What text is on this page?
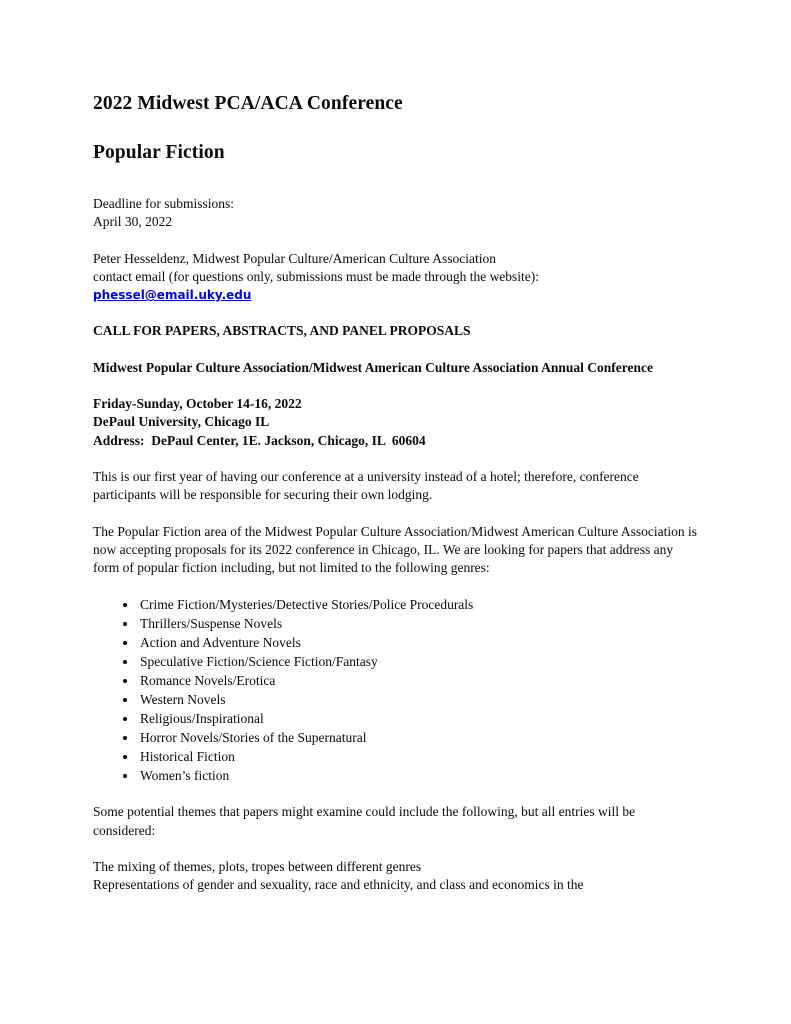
2022 Midwest PCA/ACA Conference
Popular Fiction
Deadline for submissions:
April 30, 2022
Peter Hesseldenz, Midwest Popular Culture/American Culture Association
contact email (for questions only, submissions must be made through the website):
phessel@email.uky.edu
CALL FOR PAPERS, ABSTRACTS, AND PANEL PROPOSALS
Midwest Popular Culture Association/Midwest American Culture Association Annual Conference
Friday-Sunday, October 14-16, 2022
DePaul University, Chicago IL
Address:  DePaul Center, 1E. Jackson, Chicago, IL  60604
This is our first year of having our conference at a university instead of a hotel; therefore, conference participants will be responsible for securing their own lodging.
The Popular Fiction area of the Midwest Popular Culture Association/Midwest American Culture Association is now accepting proposals for its 2022 conference in Chicago, IL. We are looking for papers that address any form of popular fiction including, but not limited to the following genres:
• Crime Fiction/Mysteries/Detective Stories/Police Procedurals
• Thrillers/Suspense Novels
• Action and Adventure Novels
• Speculative Fiction/Science Fiction/Fantasy
• Romance Novels/Erotica
• Western Novels
• Religious/Inspirational
• Horror Novels/Stories of the Supernatural
• Historical Fiction
• Women’s fiction
Some potential themes that papers might examine could include the following, but all entries will be considered:
The mixing of themes, plots, tropes between different genres
Representations of gender and sexuality, race and ethnicity, and class and economics in the
